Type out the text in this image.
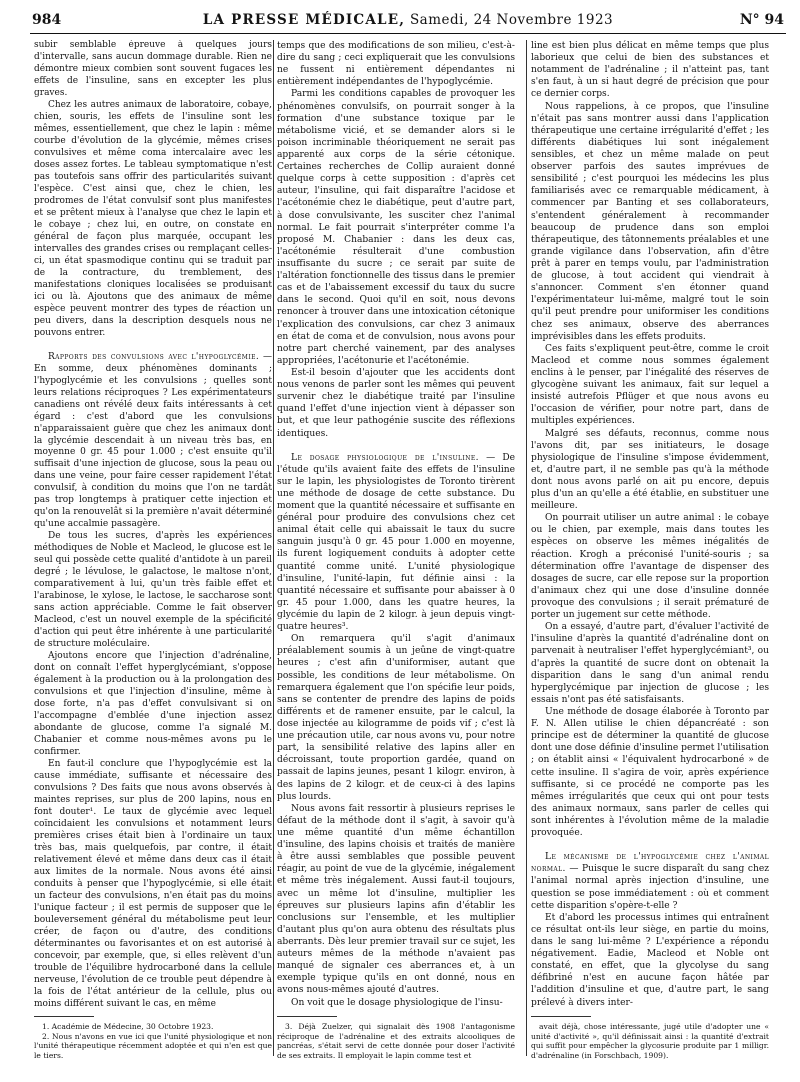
984	LA PRESSE MÉDICALE, Samedi, 24 Novembre 1923	N° 94

subir semblable épreuve à quelques jours d'intervalle, sans aucun dommage durable. Rien ne démontre mieux combien sont souvent fugaces les effets de l'insuline, sans en excepter les plus graves.

Chez les autres animaux de laboratoire, cobaye, chien, souris, les effets de l'insuline sont les mêmes, essentiellement, que chez le lapin : même courbe d'évolution de la glycémie, mêmes crises convulsives et même coma intercalaire avec les doses assez fortes. Le tableau symptomatique n'est pas toutefois sans offrir des particularités suivant l'espèce. C'est ainsi que, chez le chien, les prodromes de l'état convulsif sont plus manifestes et se prêtent mieux à l'analyse que chez le lapin et le cobaye ; chez lui, en outre, on constate en général de façon plus marquée, occupant les intervalles des grandes crises ou remplaçant celles-ci, un état spasmodique continu qui se traduit par de la contracture, du tremblement, des manifestations cloniques localisées se produisant ici ou là. Ajoutons que des animaux de même espèce peuvent montrer des types de réaction un peu divers, dans la description desquels nous ne pouvons entrer.

Rapports des convulsions avec l'hypoglycémie. — En somme, deux phénomènes dominants ; l'hypoglycémie et les convulsions ; quelles sont leurs relations réciproques ? Les expérimentateurs canadiens ont révélé deux faits intéressants à cet égard : c'est d'abord que les convulsions n'apparaissaient guère que chez les animaux dont la glycémie descendait à un niveau très bas, en moyenne 0 gr. 45 pour 1.000 ; c'est ensuite qu'il suffisait d'une injection de glucose, sous la peau ou dans une veine, pour faire cesser rapidement l'état convulsif, à condition du moins que l'on ne tardât pas trop longtemps à pratiquer cette injection et qu'on la renouvelât si la première n'avait déterminé qu'une accalmie passagère.

De tous les sucres, d'après les expériences méthodiques de Noble et Macleod, le glucose est le seul qui possède cette qualité d'antidote à un pareil degré ; le lévulose, le galactose, le maltose n'ont, comparativement à lui, qu'un très faible effet et l'arabinose, le xylose, le lactose, le saccharose sont sans action appréciable. Comme le fait observer Macleod, c'est un nouvel exemple de la spécificité d'action qui peut être inhérente à une particularité de structure moléculaire.

Ajoutons encore que l'injection d'adrénaline, dont on connaît l'effet hyperglycémiant, s'oppose également à la production ou à la prolongation des convulsions et que l'injection d'insuline, même à dose forte, n'a pas d'effet convulsivant si on l'accompagne d'emblée d'une injection assez abondante de glucose, comme l'a signalé M. Chabanier et comme nous-mêmes avons pu le confirmer.

En faut-il conclure que l'hypoglycémie est la cause immédiate, suffisante et nécessaire des convulsions ? Des faits que nous avons observés à maintes reprises, sur plus de 200 lapins, nous en font douter¹. Le taux de glycémie avec lequel coïncidaient les convulsions et notamment leurs premières crises était bien à l'ordinaire un taux très bas, mais quelquefois, par contre, il était relativement élevé et même dans deux cas il était aux limites de la normale. Nous avons été ainsi conduits à penser que l'hypoglycémie, si elle était un facteur des convulsions, n'en était pas du moins l'unique facteur ; il est permis de supposer que le bouleversement général du métabolisme peut leur créer, de façon ou d'autre, des conditions déterminantes ou favorisantes et on est autorisé à concevoir, par exemple, que, si elles relèvent d'un trouble de l'équilibre hydrocarboné dans la cellule nerveuse, l'évolution de ce trouble peut dépendre à la fois de l'état antérieur de la cellule, plus ou moins différent suivant le cas, en même

temps que des modifications de son milieu, c'est-à-dire du sang ; ceci expliquerait que les convulsions ne fussent ni entièrement dépendantes ni entièrement indépendantes de l'hypoglycémie.

Parmi les conditions capables de provoquer les phénomènes convulsifs, on pourrait songer à la formation d'une substance toxique par le métabolisme vicié, et se demander alors si le poison incriminable théoriquement ne serait pas apparenté aux corps de la série cétonique. Certaines recherches de Collip auraient donné quelque corps à cette supposition : d'après cet auteur, l'insuline, qui fait disparaître l'acidose et l'acétonémie chez le diabétique, peut d'autre part, à dose convulsivante, les susciter chez l'animal normal. Le fait pourrait s'interpréter comme l'a proposé M. Chabanier : dans les deux cas, l'acétonémie résulterait d'une combustion insuffisante du sucre ; ce serait par suite de l'altération fonctionnelle des tissus dans le premier cas et de l'abaissement excessif du taux du sucre dans le second. Quoi qu'il en soit, nous devons renoncer à trouver dans une intoxication cétonique l'explication des convulsions, car chez 3 animaux en état de coma et de convulsion, nous avons pour notre part cherché vainement, par des analyses appropriées, l'acétonurie et l'acétonémie.

Est-il besoin d'ajouter que les accidents dont nous venons de parler sont les mêmes qui peuvent survenir chez le diabétique traité par l'insuline quand l'effet d'une injection vient à dépasser son but, et que leur pathogénie suscite des réflexions identiques.

Le dosage physiologique de l'insuline. — De l'étude qu'ils avaient faite des effets de l'insuline sur le lapin, les physiologistes de Toronto tirèrent une méthode de dosage de cette substance. Du moment que la quantité nécessaire et suffisante en général pour produire des convulsions chez cet animal était celle qui abaissait le taux du sucre sanguin jusqu'à 0 gr. 45 pour 1.000 en moyenne, ils furent logiquement conduits à adopter cette quantité comme unité. L'unité physiologique d'insuline, l'unité-lapin, fut définie ainsi : la quantité nécessaire et suffisante pour abaisser à 0 gr. 45 pour 1.000, dans les quatre heures, la glycémie du lapin de 2 kilogr. à jeun depuis vingt-quatre heures³.

On remarquera qu'il s'agit d'animaux préalablement soumis à un jeûne de vingt-quatre heures ; c'est afin d'uniformiser, autant que possible, les conditions de leur métabolisme. On remarquera également que l'on spécifie leur poids, sans se contenter de prendre des lapins de poids différents et de ramener ensuite, par le calcul, la dose injectée au kilogramme de poids vif ; c'est là une précaution utile, car nous avons vu, pour notre part, la sensibilité relative des lapins aller en décroissant, toute proportion gardée, quand on passait de lapins jeunes, pesant 1 kilogr. environ, à des lapins de 2 kilogr. et de ceux-ci à des lapins plus lourds.

Nous avons fait ressortir à plusieurs reprises le défaut de la méthode dont il s'agit, à savoir qu'à une même quantité d'un même échantillon d'insuline, des lapins choisis et traités de manière à être aussi semblables que possible peuvent réagir, au point de vue de la glycémie, inégalement et même très inégalement. Aussi faut-il toujours, avec un même lot d'insuline, multiplier les épreuves sur plusieurs lapins afin d'établir les conclusions sur l'ensemble, et les multiplier d'autant plus qu'on aura obtenu des résultats plus aberrants. Dès leur premier travail sur ce sujet, les auteurs mêmes de la méthode n'avaient pas manqué de signaler ces aberrances et, à un exemple typique qu'ils en ont donné, nous en avons nous-mêmes ajouté d'autres.

On voit que le dosage physiologique de l'insu-

line est bien plus délicat en même temps que plus laborieux que celui de bien des substances et notamment de l'adrénaline ; il n'atteint pas, tant s'en faut, à un si haut degré de précision que pour ce dernier corps.

Nous rappelions, à ce propos, que l'insuline n'était pas sans montrer aussi dans l'application thérapeutique une certaine irrégularité d'effet ; les différents diabétiques lui sont inégalement sensibles, et chez un même malade on peut observer parfois des sautes imprévues de sensibilité ; c'est pourquoi les médecins les plus familiarisés avec ce remarquable médicament, à commencer par Banting et ses collaborateurs, s'entendent généralement à recommander beaucoup de prudence dans son emploi thérapeutique, des tâtonnements préalables et une grande vigilance dans l'observation, afin d'être prêt à parer en temps voulu, par l'administration de glucose, à tout accident qui viendrait à s'annoncer. Comment s'en étonner quand l'expérimentateur lui-même, malgré tout le soin qu'il peut prendre pour uniformiser les conditions chez ses animaux, observe des aberrances imprévisibles dans les effets produits.

Ces faits s'expliquent peut-être, comme le croit Macleod et comme nous sommes également enclins à le penser, par l'inégalité des réserves de glycogène suivant les animaux, fait sur lequel a insisté autrefois Pflüger et que nous avons eu l'occasion de vérifier, pour notre part, dans de multiples expériences.

Malgré ses défauts, reconnus, comme nous l'avons dit, par ses initiateurs, le dosage physiologique de l'insuline s'impose évidemment, et, d'autre part, il ne semble pas qu'à la méthode dont nous avons parlé on ait pu encore, depuis plus d'un an qu'elle a été établie, en substituer une meilleure.

On pourrait utiliser un autre animal : le cobaye ou le chien, par exemple, mais dans toutes les espèces on observe les mêmes inégalités de réaction. Krogh a préconisé l'unité-souris ; sa détermination offre l'avantage de dispenser des dosages de sucre, car elle repose sur la proportion d'animaux chez qui une dose d'insuline donnée provoque des convulsions ; il serait prématuré de porter un jugement sur cette méthode.

On a essayé, d'autre part, d'évaluer l'activité de l'insuline d'après la quantité d'adrénaline dont on parvenait à neutraliser l'effet hyperglycémiant³, ou d'après la quantité de sucre dont on obtenait la disparition dans le sang d'un animal rendu hyperglycémique par injection de glucose ; les essais n'ont pas été satisfaisants.

Une méthode de dosage élaborée à Toronto par F. N. Allen utilise le chien dépancréaté : son principe est de déterminer la quantité de glucose dont une dose définie d'insuline permet l'utilisation ; on établit ainsi « l'équivalent hydrocarboné » de cette insuline. Il s'agira de voir, après expérience suffisante, si ce procédé ne comporte pas les mêmes irrégularités que ceux qui ont pour tests des animaux normaux, sans parler de celles qui sont inhérentes à l'évolution même de la maladie provoquée.

Le mécanisme de l'hypoglycémie chez l'animal normal. — Puisque le sucre disparaît du sang chez l'animal normal après injection d'insuline, une question se pose immédiatement : où et comment cette disparition s'opère-t-elle ?

Et d'abord les processus intimes qui entraînent ce résultat ont-ils leur siège, en partie du moins, dans le sang lui-même ? L'expérience a répondu négativement. Eadie, Macleod et Noble ont constaté, en effet, que la glycolyse du sang défibriné n'est en aucune façon hâtée par l'addition d'insuline et que, d'autre part, le sang prélevé à divers inter-

1. Académie de Médecine, 30 Octobre 1923.

2. Nous n'avons en vue ici que l'unité physiologique et non l'unité thérapeutique récemment adoptée et qui n'en est que le tiers.

3. Déjà Zuelzer, qui signalait dès 1908 l'antagonisme réciproque de l'adrénaline et des extraits alcooliques de pancréas, s'était servi de cette donnée pour doser l'activité de ses extraits. Il employait le lapin comme test et

avait déjà, chose intéressante, jugé utile d'adopter une « unité d'activité », qu'il définissait ainsi : la quantité d'extrait qui suffit pour empêcher la glycosurie produite par 1 milligr. d'adrénaline (in Forschbach, 1909).
